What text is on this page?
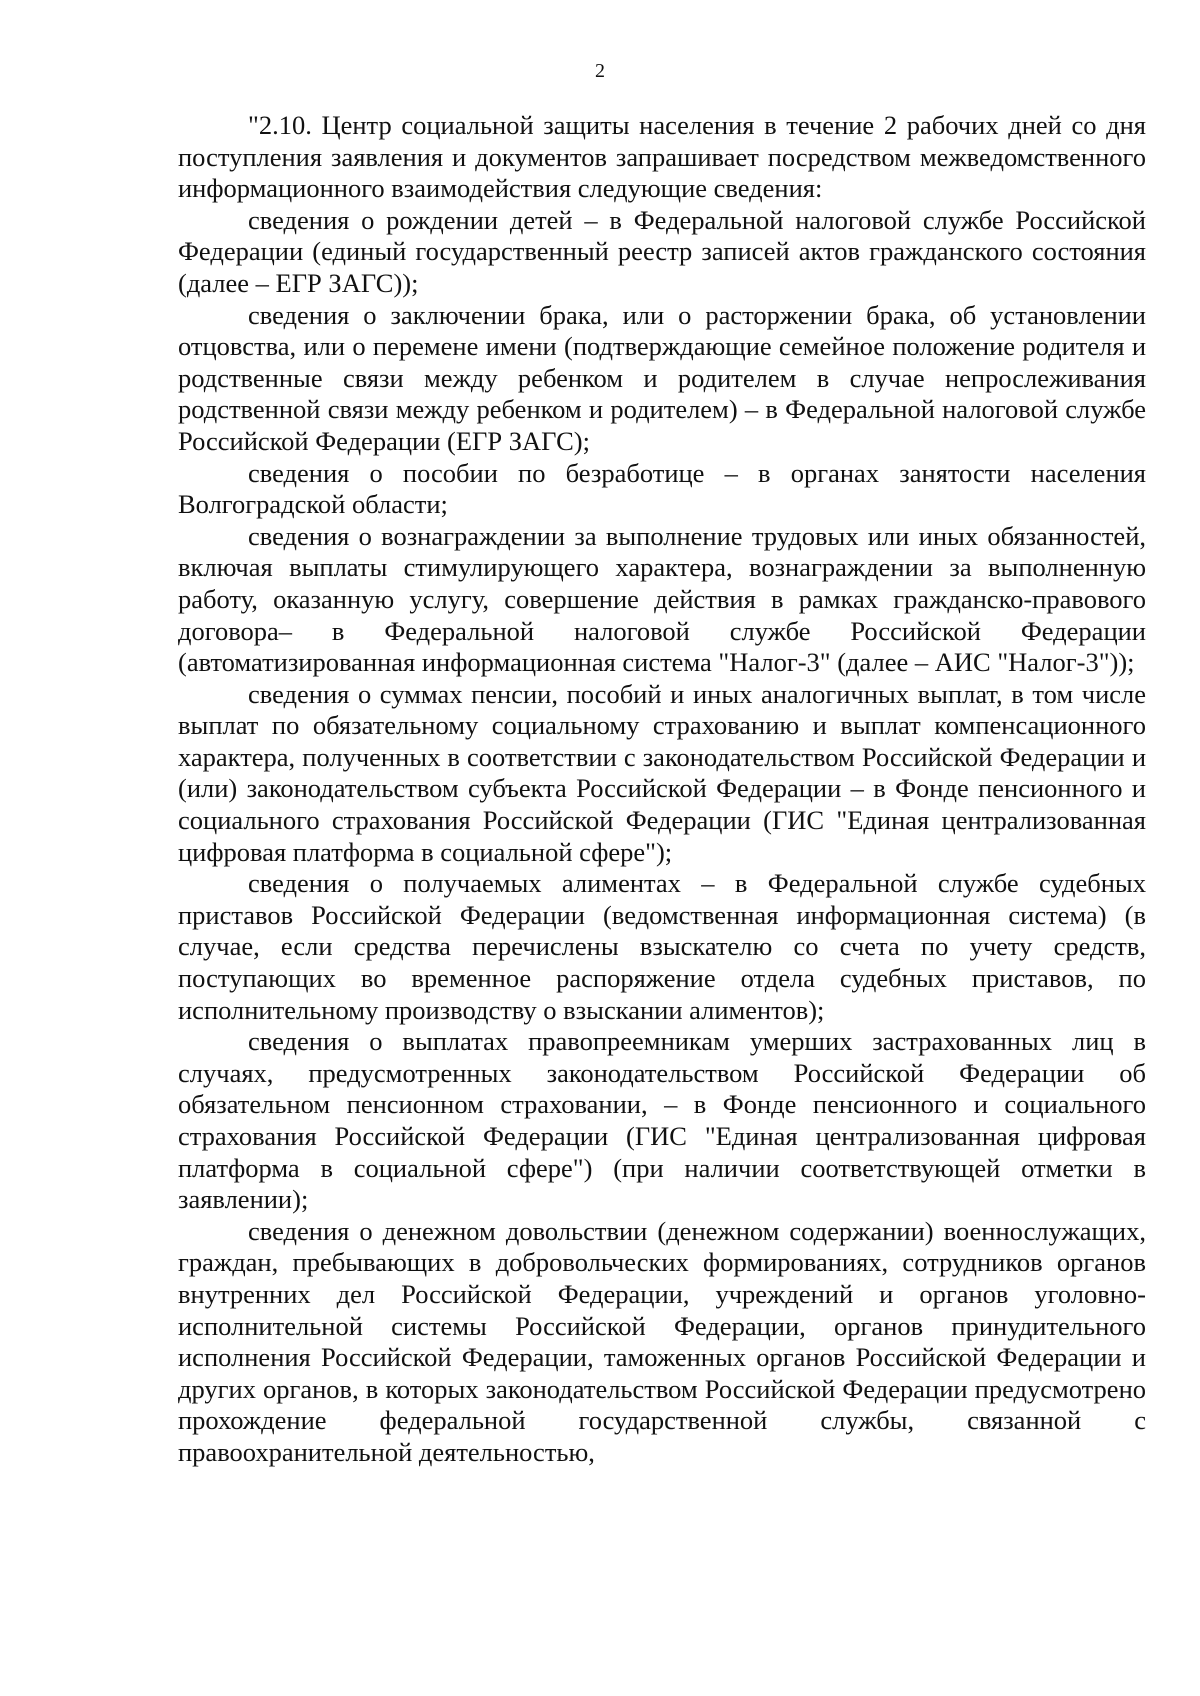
2

"2.10. Центр социальной защиты населения в течение 2 рабочих дней со дня поступления заявления и документов запрашивает посредством межведомственного информационного взаимодействия следующие сведения:

сведения о рождении детей – в Федеральной налоговой службе Российской Федерации (единый государственный реестр записей актов гражданского состояния (далее – ЕГР ЗАГС));

сведения о заключении брака, или о расторжении брака, об установлении отцовства, или о перемене имени (подтверждающие семейное положение родителя и родственные связи между ребенком и родителем в случае непрослеживания родственной связи между ребенком и родителем) – в Федеральной налоговой службе Российской Федерации (ЕГР ЗАГС);

сведения о пособии по безработице – в органах занятости населения Волгоградской области;

сведения о вознаграждении за выполнение трудовых или иных обязанностей, включая выплаты стимулирующего характера, вознаграждении за выполненную работу, оказанную услугу, совершение действия в рамках гражданско-правового договора– в Федеральной налоговой службе Российской Федерации (автоматизированная информационная система "Налог-3" (далее – АИС "Налог-3"));

сведения о суммах пенсии, пособий и иных аналогичных выплат, в том числе выплат по обязательному социальному страхованию и выплат компенсационного характера, полученных в соответствии с законодательством Российской Федерации и (или) законодательством субъекта Российской Федерации – в Фонде пенсионного и социального страхования Российской Федерации (ГИС "Единая централизованная цифровая платформа в социальной сфере");

сведения о получаемых алиментах – в Федеральной службе судебных приставов Российской Федерации (ведомственная информационная система) (в случае, если средства перечислены взыскателю со счета по учету средств, поступающих во временное распоряжение отдела судебных приставов, по исполнительному производству о взыскании алиментов);

сведения о выплатах правопреемникам умерших застрахованных лиц в случаях, предусмотренных законодательством Российской Федерации об обязательном пенсионном страховании, – в Фонде пенсионного и социального страхования Российской Федерации (ГИС "Единая централизованная цифровая платформа в социальной сфере") (при наличии соответствующей отметки в заявлении);

сведения о денежном довольствии (денежном содержании) военнослужащих, граждан, пребывающих в добровольческих формированиях, сотрудников органов внутренних дел Российской Федерации, учреждений и органов уголовно-исполнительной системы Российской Федерации, органов принудительного исполнения Российской Федерации, таможенных органов Российской Федерации и других органов, в которых законодательством Российской Федерации предусмотрено прохождение федеральной государственной службы, связанной с правоохранительной деятельностью,
